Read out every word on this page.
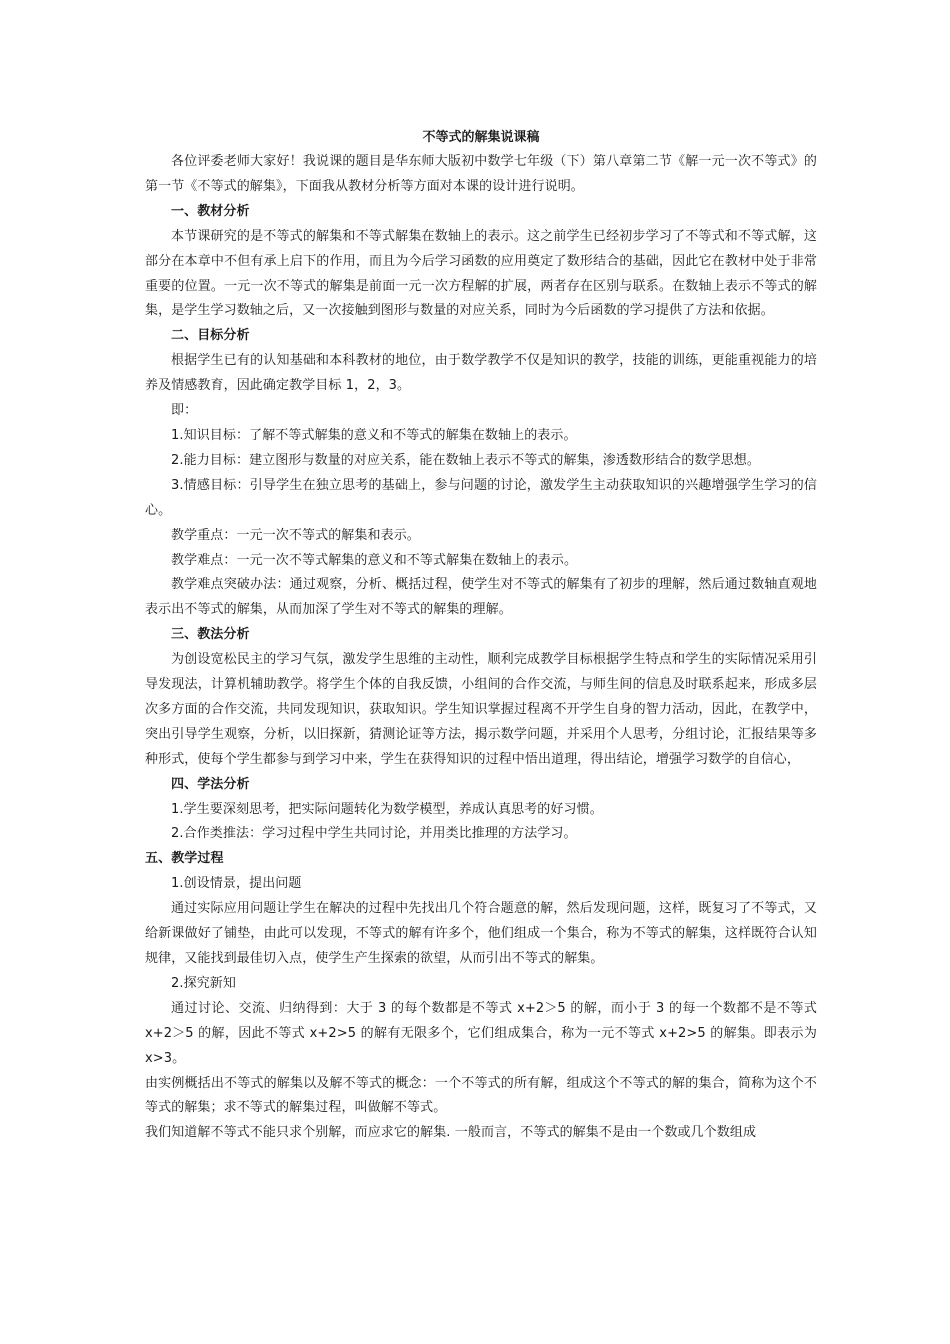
不等式的解集说课稿

各位评委老师大家好！我说课的题目是华东师大版初中数学七年级（下）第八章第二节《解一元一次不等式》的第一节《不等式的解集》，下面我从教材分析等方面对本课的设计进行说明。

一、教材分析

本节课研究的是不等式的解集和不等式解集在数轴上的表示。这之前学生已经初步学习了不等式和不等式解，这部分在本章中不但有承上启下的作用，而且为今后学习函数的应用奠定了数形结合的基础，因此它在教材中处于非常重要的位置。一元一次不等式的解集是前面一元一次方程解的扩展，两者存在区别与联系。在数轴上表示不等式的解集，是学生学习数轴之后，又一次接触到图形与数量的对应关系，同时为今后函数的学习提供了方法和依据。

二、目标分析

根据学生已有的认知基础和本科教材的地位，由于数学教学不仅是知识的教学，技能的训练，更能重视能力的培养及情感教育，因此确定教学目标 1，2，3。

即：

1.知识目标：了解不等式解集的意义和不等式的解集在数轴上的表示。

2.能力目标：建立图形与数量的对应关系，能在数轴上表示不等式的解集，渗透数形结合的数学思想。

3.情感目标：引导学生在独立思考的基础上，参与问题的讨论，激发学生主动获取知识的兴趣增强学生学习的信心。

教学重点：一元一次不等式的解集和表示。

教学难点：一元一次不等式解集的意义和不等式解集在数轴上的表示。

教学难点突破办法：通过观察，分析、概括过程，使学生对不等式的解集有了初步的理解，然后通过数轴直观地表示出不等式的解集，从而加深了学生对不等式的解集的理解。

三、教法分析

为创设宽松民主的学习气氛，激发学生思维的主动性，顺利完成教学目标根据学生特点和学生的实际情况采用引导发现法，计算机辅助教学。将学生个体的自我反馈，小组间的合作交流，与师生间的信息及时联系起来，形成多层次多方面的合作交流，共同发现知识，获取知识。学生知识掌握过程离不开学生自身的智力活动，因此，在教学中，突出引导学生观察，分析，以旧探新，猜测论证等方法，揭示数学问题，并采用个人思考，分组讨论，汇报结果等多种形式，使每个学生都参与到学习中来，学生在获得知识的过程中悟出道理，得出结论，增强学习数学的自信心，

四、学法分析

1.学生要深刻思考，把实际问题转化为数学模型，养成认真思考的好习惯。

2.合作类推法：学习过程中学生共同讨论，并用类比推理的方法学习。

五、教学过程

1.创设情景，提出问题

通过实际应用问题让学生在解决的过程中先找出几个符合题意的解，然后发现问题，这样，既复习了不等式，又给新课做好了铺垫，由此可以发现，不等式的解有许多个，他们组成一个集合，称为不等式的解集，这样既符合认知规律，又能找到最佳切入点，使学生产生探索的欲望，从而引出不等式的解集。

2.探究新知

通过讨论、交流、归纳得到：大于 3 的每个数都是不等式 x+2＞5 的解，而小于 3 的每一个数都不是不等式 x+2＞5 的解，因此不等式 x+2>5 的解有无限多个，它们组成集合，称为一元不等式 x+2>5 的解集。即表示为 x>3。

由实例概括出不等式的解集以及解不等式的概念：一个不等式的所有解，组成这个不等式的解的集合，简称为这个不等式的解集；求不等式的解集过程，叫做解不等式。

我们知道解不等式不能只求个别解，而应求它的解集. 一般而言，不等式的解集不是由一个数或几个数组成
